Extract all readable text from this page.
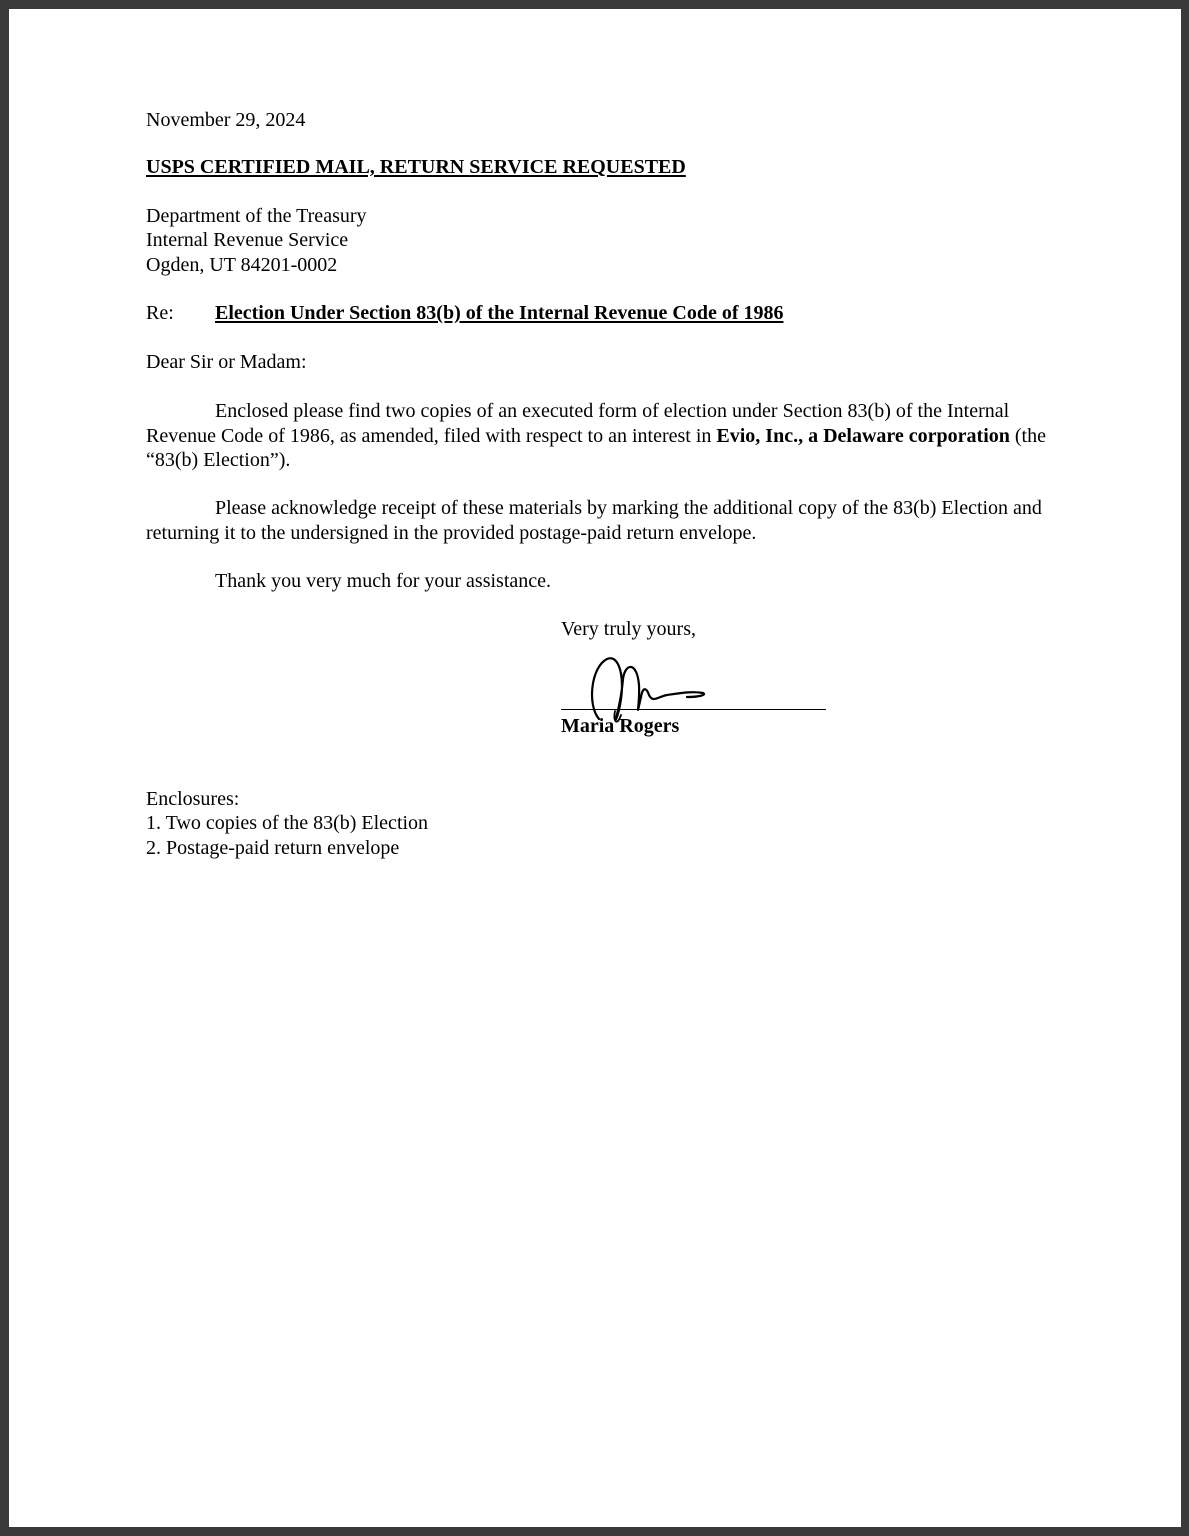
November 29, 2024

USPS CERTIFIED MAIL, RETURN SERVICE REQUESTED

Department of the Treasury

Internal Revenue Service

Ogden, UT 84201-0002

Re: Election Under Section 83(b) of the Internal Revenue Code of 1986

Dear Sir or Madam:

Enclosed please find two copies of an executed form of election under Section 83(b) of the Internal Revenue Code of 1986, as amended, filed with respect to an interest in Evio, Inc., a Delaware corporation (the “83(b) Election”).

Please acknowledge receipt of these materials by marking the additional copy of the 83(b) Election and returning it to the undersigned in the provided postage-paid return envelope.

Thank you very much for your assistance.

Very truly yours,

Maria Rogers

Enclosures:

1. Two copies of the 83(b) Election

2. Postage-paid return envelope
